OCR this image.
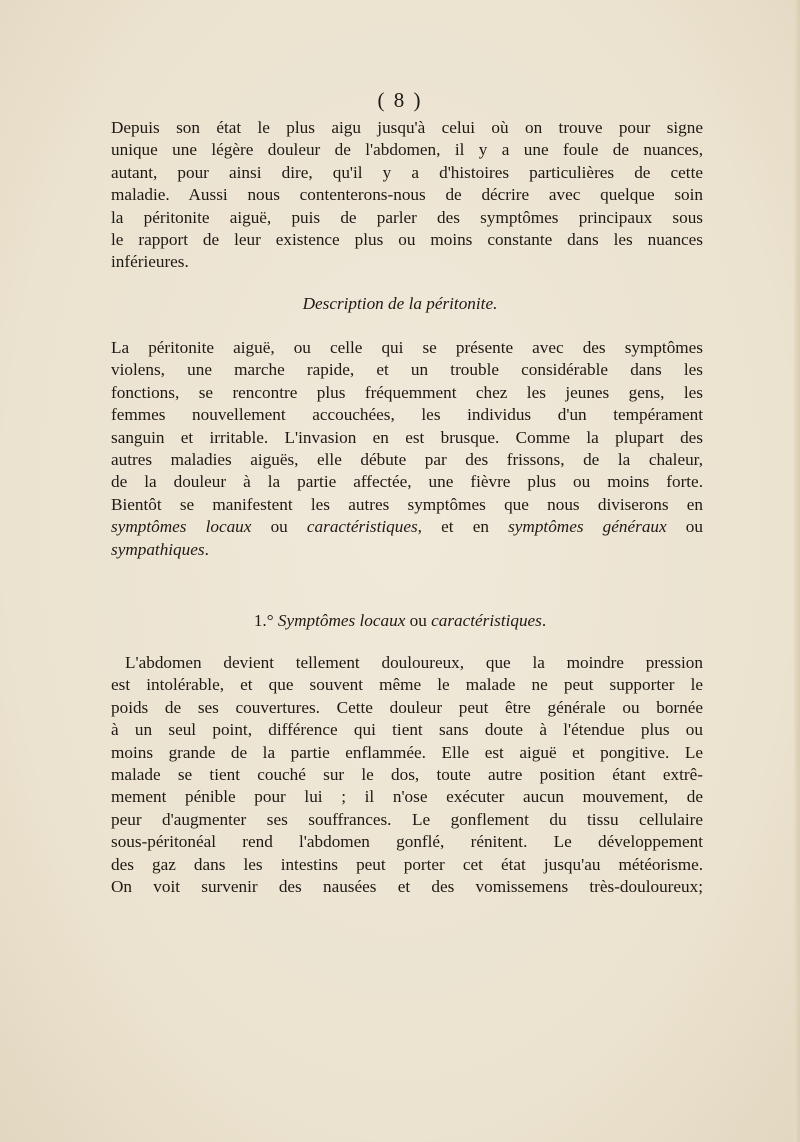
( 8 )
Depuis son état le plus aigu jusqu'à celui où on trouve pour signe
unique une légère douleur de l'abdomen, il y a une foule de nuances,
autant, pour ainsi dire, qu'il y a d'histoires particulières de cette
maladie. Aussi nous contenterons-nous de décrire avec quelque soin
la péritonite aiguë, puis de parler des symptômes principaux sous
le rapport de leur existence plus ou moins constante dans les nuances
inférieures.
Description de la péritonite.
La péritonite aiguë, ou celle qui se présente avec des symptômes
violens, une marche rapide, et un trouble considérable dans les
fonctions, se rencontre plus fréquemment chez les jeunes gens, les
femmes nouvellement accouchées, les individus d'un tempérament
sanguin et irritable. L'invasion en est brusque. Comme la plupart des
autres maladies aiguës, elle débute par des frissons, de la chaleur,
de la douleur à la partie affectée, une fièvre plus ou moins forte.
Bientôt se manifestent les autres symptômes que nous diviserons en
symptômes locaux ou caractéristiques, et en symptômes généraux ou
sympathiques.
1.° Symptômes locaux ou caractéristiques.
L'abdomen devient tellement douloureux, que la moindre pression
est intolérable, et que souvent même le malade ne peut supporter le
poids de ses couvertures. Cette douleur peut être générale ou bornée
à un seul point, différence qui tient sans doute à l'étendue plus ou
moins grande de la partie enflammée. Elle est aiguë et pongitive. Le
malade se tient couché sur le dos, toute autre position étant extrê-
mement pénible pour lui ; il n'ose exécuter aucun mouvement, de
peur d'augmenter ses souffrances. Le gonflement du tissu cellulaire
sous-péritonéal rend l'abdomen gonflé, rénitent. Le développement
des gaz dans les intestins peut porter cet état jusqu'au météorisme.
On voit survenir des nausées et des vomissemens très-douloureux;
